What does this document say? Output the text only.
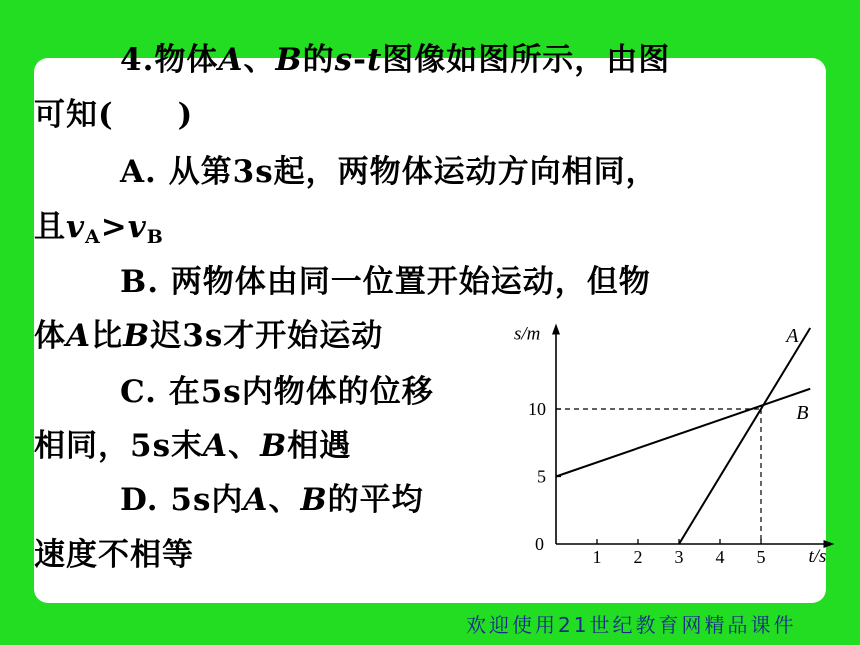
4.物体A、B的s-t图像如图所示，由图
可知(　　)
A. 从第3s起，两物体运动方向相同，
且$v_A>v_B$
B. 两物体由同一位置开始运动，但物
体A比B迟3s才开始运动
C. 在5s内物体的位移
相同，5s末A、B相遇
D. 5s内A、B的平均
速度不相等	t/s
s/m
1 2 3 4 5
5
10
0
A
B
欢迎使用21世纪教育网精品课件
